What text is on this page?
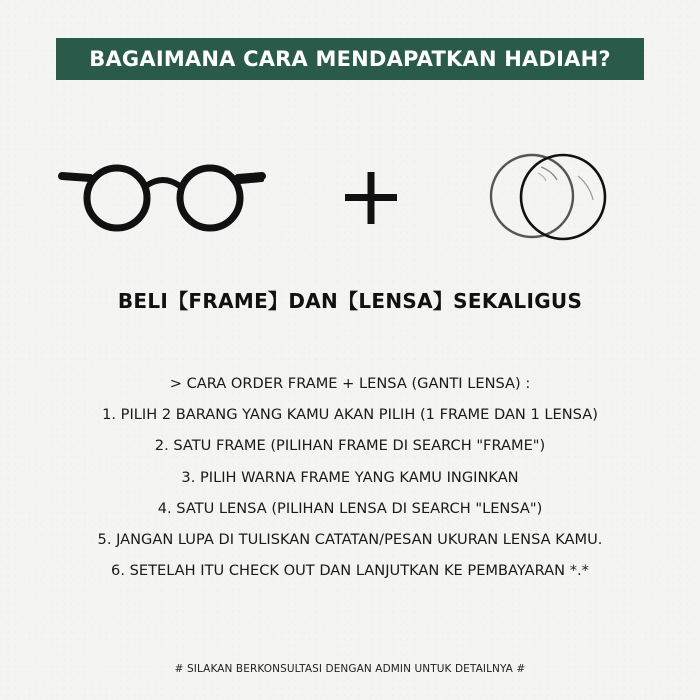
BAGAIMANA CARA MENDAPATKAN HADIAH?
BELI【FRAME】DAN【LENSA】SEKALIGUS
> CARA ORDER FRAME + LENSA (GANTI LENSA) :
1. PILIH 2 BARANG YANG KAMU AKAN PILIH (1 FRAME DAN 1 LENSA)
2. SATU FRAME (PILIHAN FRAME DI SEARCH "FRAME")
3. PILIH WARNA FRAME YANG KAMU INGINKAN
4. SATU LENSA (PILIHAN LENSA DI SEARCH "LENSA")
5. JANGAN LUPA DI TULISKAN CATATAN/PESAN UKURAN LENSA KAMU.
6. SETELAH ITU CHECK OUT DAN LANJUTKAN KE PEMBAYARAN *.*
# SILAKAN BERKONSULTASI DENGAN ADMIN UNTUK DETAILNYA #
